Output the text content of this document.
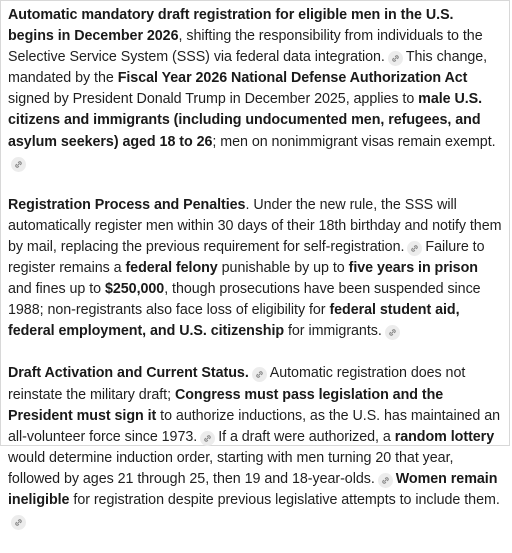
Automatic mandatory draft registration for eligible men in the U.S. begins in December 2026, shifting the responsibility from individuals to the Selective Service System (SSS) via federal data integration. This change, mandated by the Fiscal Year 2026 National Defense Authorization Act signed by President Donald Trump in December 2025, applies to male U.S. citizens and immigrants (including undocumented men, refugees, and asylum seekers) aged 18 to 26; men on nonimmigrant visas remain exempt.

Registration Process and Penalties. Under the new rule, the SSS will automatically register men within 30 days of their 18th birthday and notify them by mail, replacing the previous requirement for self-registration. Failure to register remains a federal felony punishable by up to five years in prison and fines up to $250,000, though prosecutions have been suspended since 1988; non-registrants also face loss of eligibility for federal student aid, federal employment, and U.S. citizenship for immigrants.

Draft Activation and Current Status. Automatic registration does not reinstate the military draft; Congress must pass legislation and the President must sign it to authorize inductions, as the U.S. has maintained an all-volunteer force since 1973. If a draft were authorized, a random lottery would determine induction order, starting with men turning 20 that year, followed by ages 21 through 25, then 19 and 18-year-olds. Women remain ineligible for registration despite previous legislative attempts to include them.
